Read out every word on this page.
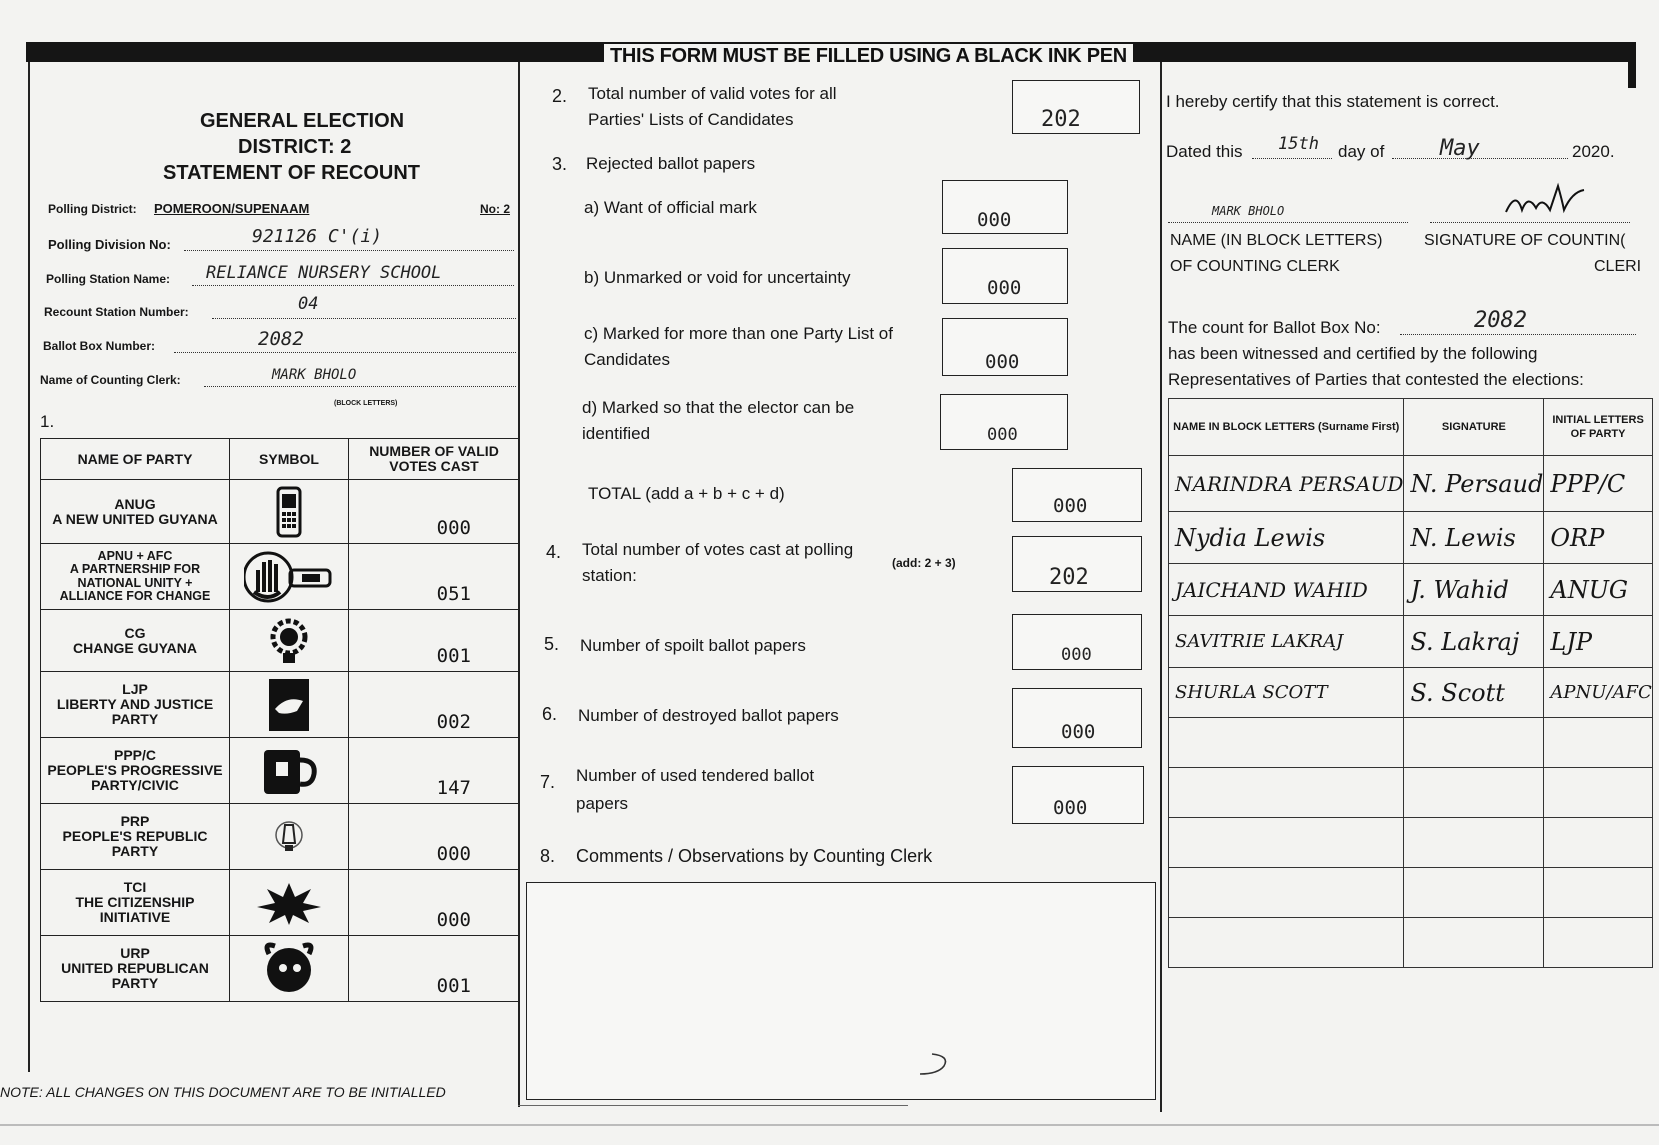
THIS FORM MUST BE FILLED USING A BLACK INK PEN
GENERAL ELECTION
DISTRICT: 2
STATEMENT OF RECOUNT
Polling District: POMEROON/SUPENAAM	No: 2
Polling Division No:	921126 C'(i)
Polling Station Name: RELIANCE NURSERY SCHOOL
Recount Station Number:	04
Ballot Box Number:	2082
Name of Counting Clerk:	MARK BHOLO
(BLOCK LETTERS)
1.
NAME OF PARTY	SYMBOL	NUMBER OF VALID VOTES CAST
ANUG
A NEW UNITED GUYANA		000

APNU + AFC
A PARTNERSHIP FOR
NATIONAL UNITY +
ALLIANCE FOR CHANGE		051

CG
CHANGE GUYANA		001

LJP
LIBERTY AND JUSTICE
PARTY		002

PPP/C
PEOPLE'S PROGRESSIVE
PARTY/CIVIC		147

PRP
PEOPLE'S REPUBLIC
PARTY		000

TCI
THE CITIZENSHIP
INITIATIVE		000

URP
UNITED REPUBLICAN
PARTY		001
NOTE: ALL CHANGES ON THIS DOCUMENT ARE TO BE INITIALLED
2. Total number of valid votes for all
Parties' Lists of Candidates	202
3. Rejected ballot papers
a) Want of official mark
000
b) Unmarked or void for uncertainty	000
c) Marked for more than one Party List of
Candidates	000
d) Marked so that the elector can be
identified	000
TOTAL (add a + b + c + d)
000
4. Total number of votes cast at polling
station:
(add: 2 + 3)
202
5. Number of spoilt ballot papers	000
6. Number of destroyed ballot papers
000
7. Number of used tendered ballot
papers	000
8. Comments / Observations by Counting Clerk
I hereby certify that this statement is correct.
Dated this 15th day of	May	2020.
MARK BHOLO
NAME (IN BLOCK LETTERS)
OF COUNTING CLERK
SIGNATURE OF COUNTIN(
CLERI
The count for Ballot Box No:	2082
has been witnessed and certified by the following
Representatives of Parties that contested the elections:
NAME IN BLOCK LETTERS (Surname First)	SIGNATURE	INITIAL LETTERS OF PARTY

NARINDRA PERSAUD	N. Persaud	PPP/C

Nydia Lewis	N. Lewis	ORP

JAICHAND WAHID	J. Wahid	ANUG

SAVITRIE LAKRAJ	S. Lakraj	LJP

SHURLA SCOTT	S. Scott	APNU/AFC
